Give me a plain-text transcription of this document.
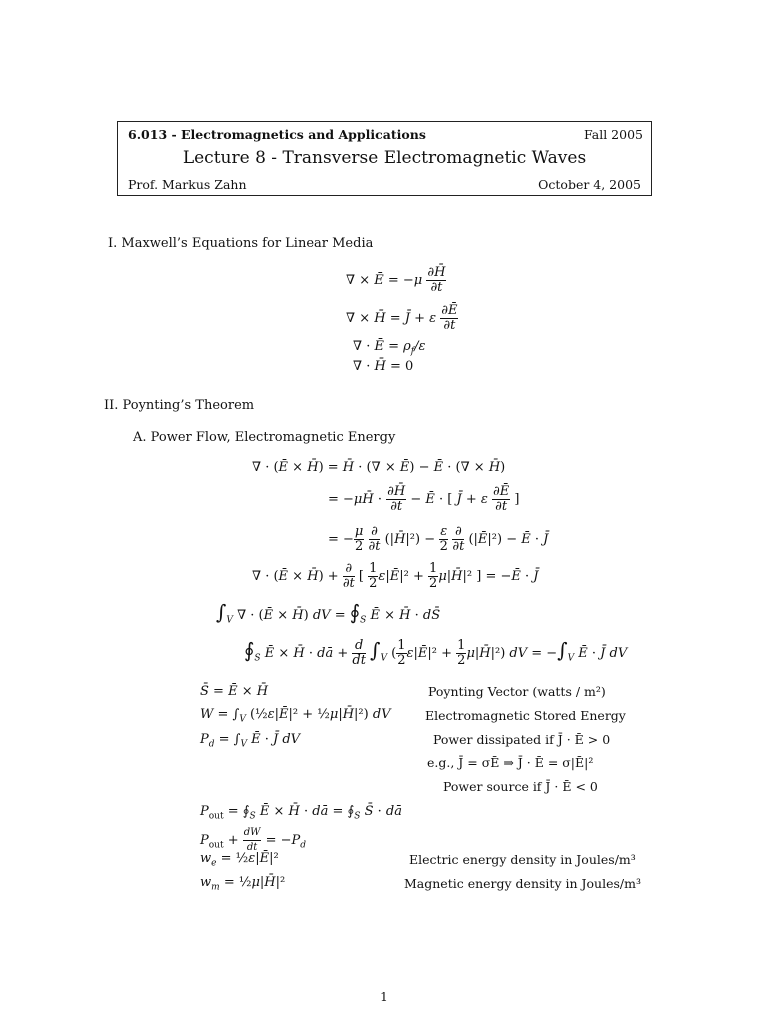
6.013 - Electromagnetics and Applications	Fall 2005
Lecture 8 - Transverse Electromagnetic Waves
Prof. Markus Zahn	October 4, 2005
I. Maxwell’s Equations for Linear Media
∇ × Ē = $-\mu \frac{\partial H̄}{\partial t}$
∇ × H̄ = J̄ + ε $\frac{\partial Ē}{\partial t}$
∇ · Ē = $\rho_f/\varepsilon$
∇ · H̄ = 0
II. Poynting’s Theorem
A. Power Flow, Electromagnetic Energy
∇ · (Ē × H̄) = H̄ · (∇ × Ē) − Ē · (∇ × H̄)
= −μH̄ · $\frac{\partial H̄}{\partial t}$ − Ē · [ J̄ + ε $\frac{\partial Ē}{\partial t}$ ]
= − $\frac{\mu}{2}$
$\frac{\partial}{\partial t}$ (|H̄|²) − $\frac{\varepsilon}{2}$
$\frac{\partial}{\partial t}$ (|Ē|²) − Ē · J̄
∇ · (Ē × H̄) + $\frac{\partial}{\partial t}$ [ $\frac{1}{2}$ ε|Ē|² + $\frac{1}{2}$ μ|H̄|² ] = −Ē · J̄
$\int_V$ ∇ · (Ē × H̄) dV = $∮_S$ Ē × H̄ · dS̄
$∮_S$ Ē × H̄ · dā + $\frac{d}{dt} \int_V$ ( $\frac{1}{2}$ ε|Ē|² + $\frac{1}{2}$ μ|H̄|²) dV = $-\int_V$ Ē · J̄ dV
S̄ = Ē × H̄
$W = \int_V$ (½ε|Ē|² + ½μ|H̄|²) dV
$P_d = \int_V$ Ē · J̄ dV
Poynting Vector (watts / m²)
Electromagnetic Stored Energy
Power dissipated if J̄ · Ē > 0
e.g., J̄ = σĒ ⇒ J̄ · Ē = σ|Ē|²
Power source if J̄ · Ē < 0
$P_{out}$ = $∮_S$ Ē × H̄ · dā = $∮_S$ S̄ · dā
$P_{out} + \frac{dW}{dt} = -P_d$
$w_e$ = ½ε|Ē|²
$w_m$ = ½μ|H̄|²
Electric energy density in Joules/m³
Magnetic energy density in Joules/m³
1
